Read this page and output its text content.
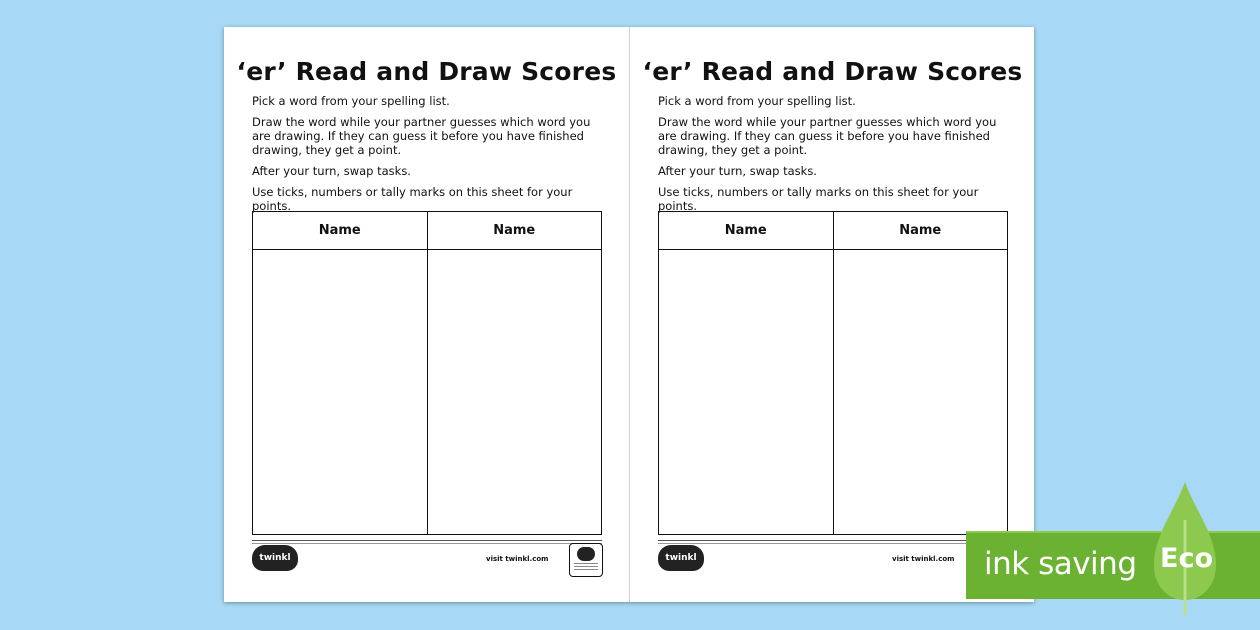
‘er’ Read and Draw Scores

Pick a word from your spelling list.

Draw the word while your partner guesses which word you are drawing. If they can guess it before you have finished drawing, they get a point.

After your turn, swap tasks.

Use ticks, numbers or tally marks on this sheet for your points.

Name	Name

twinkl	visit twinkl.com
‘er’ Read and Draw Scores

Pick a word from your spelling list.

Draw the word while your partner guesses which word you are drawing. If they can guess it before you have finished drawing, they get a point.

After your turn, swap tasks.

Use ticks, numbers or tally marks on this sheet for your points.

Name	Name

twinkl	visit twinkl.com ink saving Eco
